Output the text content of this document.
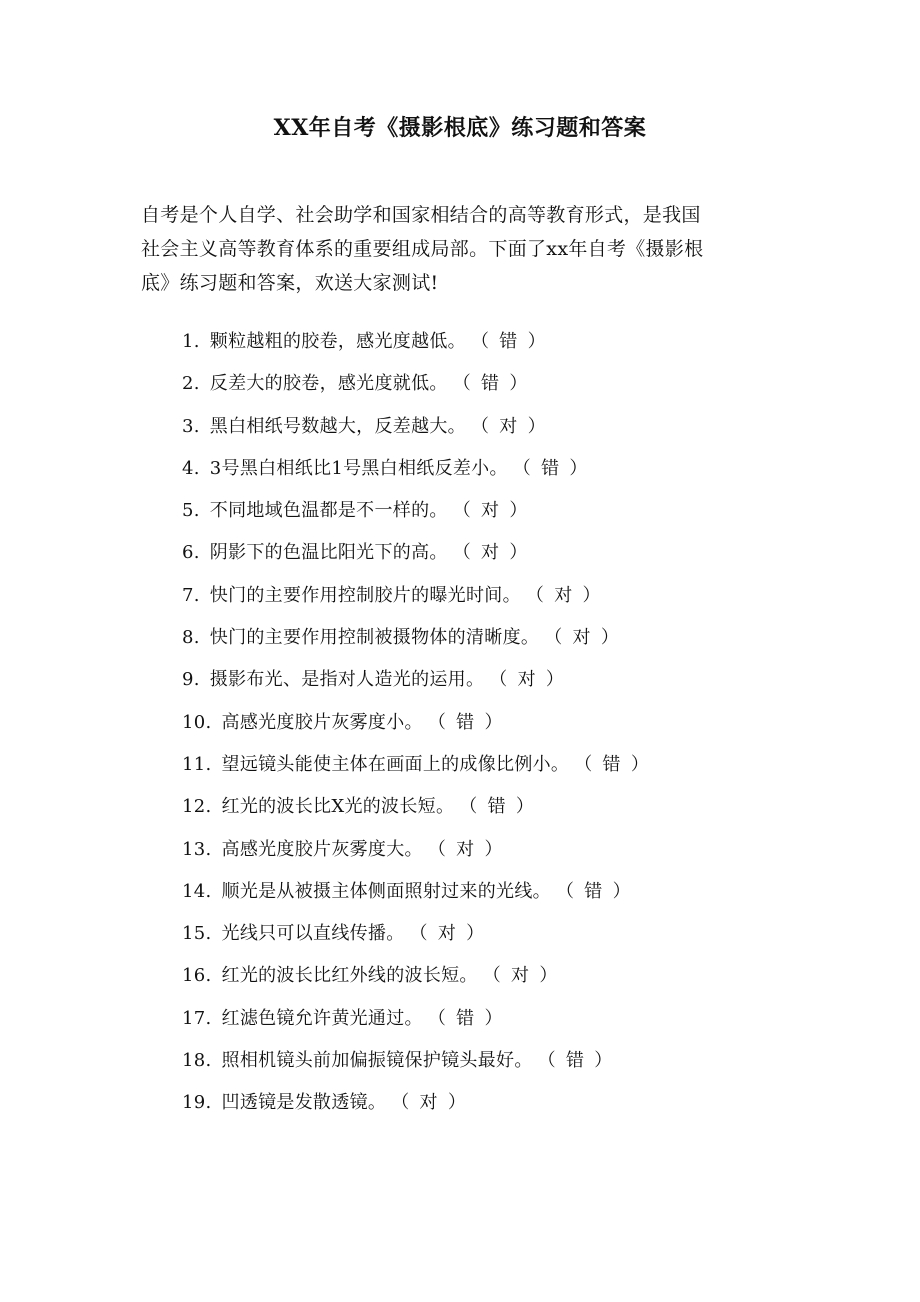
XX年自考《摄影根底》练习题和答案
自考是个人自学、社会助学和国家相结合的高等教育形式，是我国
社会主义高等教育体系的重要组成局部。下面了xx年自考《摄影根
底》练习题和答案，欢送大家测试!
1. 颗粒越粗的胶卷，感光度越低。 （ 错 ）
2. 反差大的胶卷，感光度就低。 （ 错 ）
3. 黑白相纸号数越大，反差越大。 （ 对 ）
4. 3号黑白相纸比1号黑白相纸反差小。 （ 错 ）
5. 不同地域色温都是不一样的。 （ 对 ）
6. 阴影下的色温比阳光下的高。 （ 对 ）
7. 快门的主要作用控制胶片的曝光时间。 （ 对 ）
8. 快门的主要作用控制被摄物体的清晰度。 （ 对 ）
9. 摄影布光、是指对人造光的运用。 （ 对 ）
10. 高感光度胶片灰雾度小。 （ 错 ）
11. 望远镜头能使主体在画面上的成像比例小。 （ 错 ）
12. 红光的波长比X光的波长短。 （ 错 ）
13. 高感光度胶片灰雾度大。 （ 对 ）
14. 顺光是从被摄主体侧面照射过来的光线。 （ 错 ）
15. 光线只可以直线传播。 （ 对 ）
16. 红光的波长比红外线的波长短。 （ 对 ）
17. 红滤色镜允许黄光通过。 （ 错 ）
18. 照相机镜头前加偏振镜保护镜头最好。 （ 错 ）
19. 凹透镜是发散透镜。 （ 对 ）
